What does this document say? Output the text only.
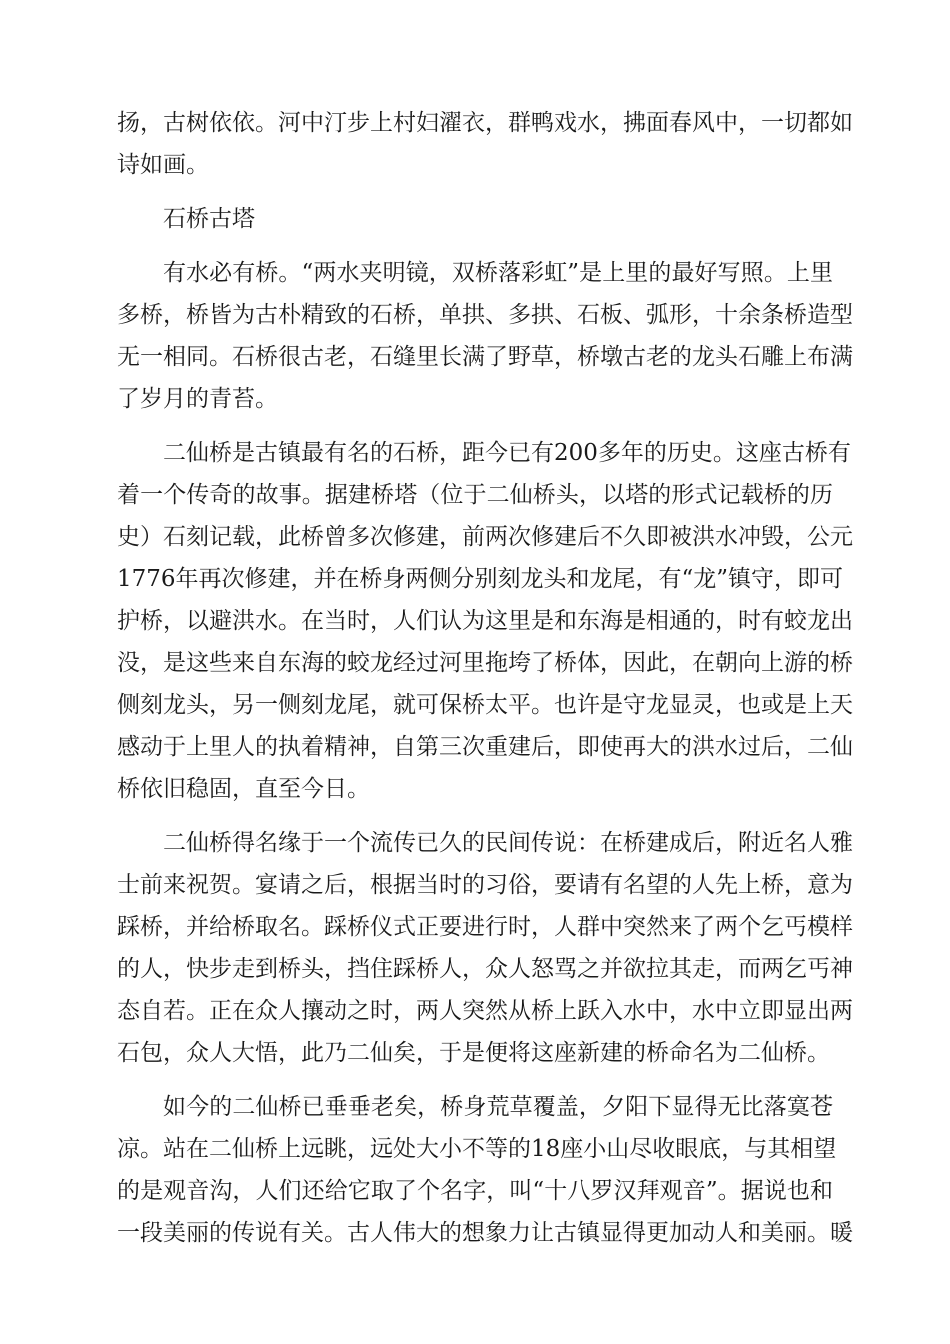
扬，古树依依。河中汀步上村妇濯衣，群鸭戏水，拂面春风中，一切都如
诗如画。
石桥古塔
有水必有桥。“两水夹明镜，双桥落彩虹”是上里的最好写照。上里
多桥，桥皆为古朴精致的石桥，单拱、多拱、石板、弧形，十余条桥造型
无一相同。石桥很古老，石缝里长满了野草，桥墩古老的龙头石雕上布满
了岁月的青苔。
二仙桥是古镇最有名的石桥，距今已有200多年的历史。这座古桥有
着一个传奇的故事。据建桥塔（位于二仙桥头，以塔的形式记载桥的历
史）石刻记载，此桥曾多次修建，前两次修建后不久即被洪水冲毁，公元
1776年再次修建，并在桥身两侧分别刻龙头和龙尾，有“龙”镇守，即可
护桥，以避洪水。在当时，人们认为这里是和东海是相通的，时有蛟龙出
没，是这些来自东海的蛟龙经过河里拖垮了桥体，因此，在朝向上游的桥
侧刻龙头，另一侧刻龙尾，就可保桥太平。也许是守龙显灵，也或是上天
感动于上里人的执着精神，自第三次重建后，即使再大的洪水过后，二仙
桥依旧稳固，直至今日。
二仙桥得名缘于一个流传已久的民间传说：在桥建成后，附近名人雅
士前来祝贺。宴请之后，根据当时的习俗，要请有名望的人先上桥，意为
踩桥，并给桥取名。踩桥仪式正要进行时，人群中突然来了两个乞丐模样
的人，快步走到桥头，挡住踩桥人，众人怒骂之并欲拉其走，而两乞丐神
态自若。正在众人攘动之时，两人突然从桥上跃入水中，水中立即显出两
石包，众人大悟，此乃二仙矣，于是便将这座新建的桥命名为二仙桥。
如今的二仙桥已垂垂老矣，桥身荒草覆盖，夕阳下显得无比落寞苍
凉。站在二仙桥上远眺，远处大小不等的18座小山尽收眼底，与其相望
的是观音沟，人们还给它取了个名字，叫“十八罗汉拜观音”。据说也和
一段美丽的传说有关。古人伟大的想象力让古镇显得更加动人和美丽。暖
